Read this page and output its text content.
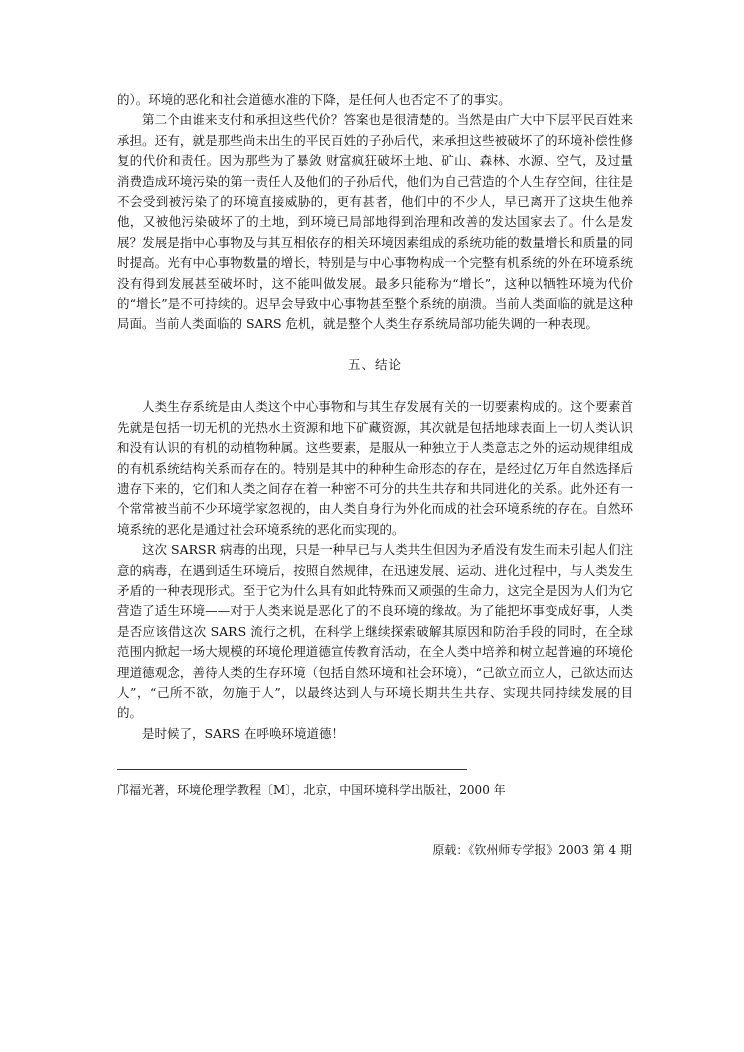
的）。环境的恶化和社会道德水准的下降，是任何人也否定不了的事实。

第二个由谁来支付和承担这些代价？答案也是很清楚的。当然是由广大中下层平民百姓来承担。还有，就是那些尚未出生的平民百姓的子孙后代，来承担这些被破坏了的环境补偿性修复的代价和责任。因为那些为了暴敛 财富疯狂破坏土地、矿山、森林、水源、空气，及过量消费造成环境污染的第一责任人及他们的子孙后代，他们为自己营造的个人生存空间，往往是不会受到被污染了的环境直接威胁的，更有甚者，他们中的不少人，早已离开了这块生他养他，又被他污染破坏了的土地，到环境已局部地得到治理和改善的发达国家去了。什么是发展？发展是指中心事物及与其互相依存的相关环境因素组成的系统功能的数量增长和质量的同时提高。光有中心事物数量的增长，特别是与中心事物构成一个完整有机系统的外在环境系统没有得到发展甚至破坏时，这不能叫做发展。最多只能称为“增长”，这种以牺牲环境为代价的“增长”是不可持续的。迟早会导致中心事物甚至整个系统的崩溃。当前人类面临的就是这种局面。当前人类面临的 SARS 危机，就是整个人类生存系统局部功能失调的一种表现。

五、结论

人类生存系统是由人类这个中心事物和与其生存发展有关的一切要素构成的。这个要素首先就是包括一切无机的光热水土资源和地下矿藏资源，其次就是包括地球表面上一切人类认识和没有认识的有机的动植物种属。这些要素，是服从一种独立于人类意志之外的运动规律组成的有机系统结构关系而存在的。特别是其中的种种生命形态的存在，是经过亿万年自然选择后遗存下来的，它们和人类之间存在着一种密不可分的共生共存和共同进化的关系。此外还有一个常常被当前不少环境学家忽视的，由人类自身行为外化而成的社会环境系统的存在。自然环境系统的恶化是通过社会环境系统的恶化而实现的。

这次 SARSR 病毒的出现，只是一种早已与人类共生但因为矛盾没有发生而未引起人们注意的病毒，在遇到适生环境后，按照自然规律，在迅速发展、运动、进化过程中，与人类发生矛盾的一种表现形式。至于它为什么具有如此特殊而又顽强的生命力，这完全是因为人们为它营造了适生环境——对于人类来说是恶化了的不良环境的缘故。为了能把坏事变成好事，人类是否应该借这次 SARS 流行之机，在科学上继续探索破解其原因和防治手段的同时，在全球范围内掀起一场大规模的环境伦理道德宣传教育活动，在全人类中培养和树立起普遍的环境伦理道德观念，善待人类的生存环境（包括自然环境和社会环境），“己欲立而立人，己欲达而达人”，“己所不欲，勿施于人”，以最终达到人与环境长期共生共存、实现共同持续发展的目的。

是时候了，SARS 在呼唤环境道德！

邝福光著，环境伦理学教程〔M〕，北京，中国环境科学出版社，2000 年
原载：《钦州师专学报》2003 第 4 期
